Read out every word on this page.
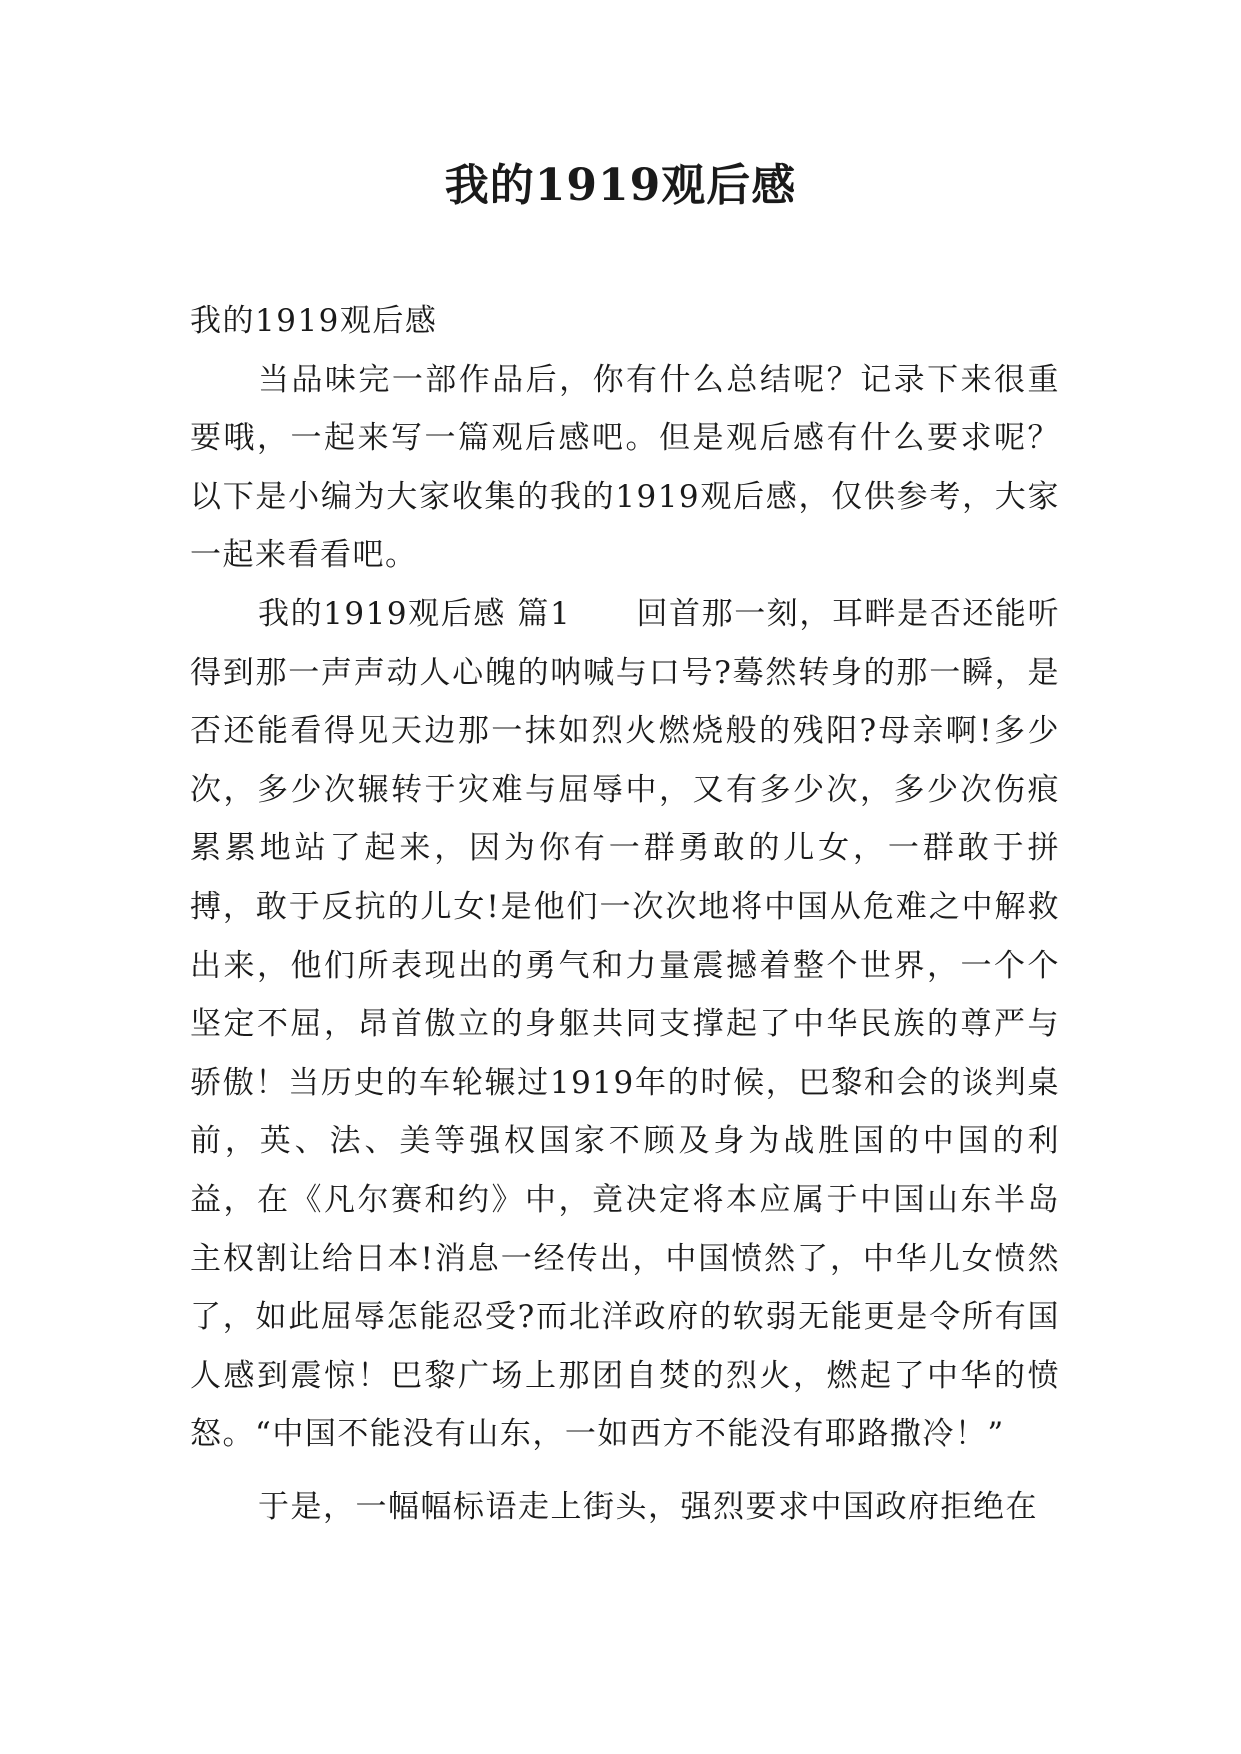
我的1919观后感

我的1919观后感

当品味完一部作品后，你有什么总结呢？记录下来很重要哦，一起来写一篇观后感吧。但是观后感有什么要求呢？以下是小编为大家收集的我的1919观后感，仅供参考，大家一起来看看吧。

我的1919观后感 篇1　　回首那一刻，耳畔是否还能听得到那一声声动人心魄的呐喊与口号?蓦然转身的那一瞬，是否还能看得见天边那一抹如烈火燃烧般的残阳?母亲啊!多少次，多少次辗转于灾难与屈辱中，又有多少次，多少次伤痕累累地站了起来，因为你有一群勇敢的儿女，一群敢于拼搏，敢于反抗的儿女!是他们一次次地将中国从危难之中解救出来，他们所表现出的勇气和力量震撼着整个世界，一个个坚定不屈，昂首傲立的身躯共同支撑起了中华民族的尊严与骄傲！当历史的车轮辗过1919年的时候，巴黎和会的谈判桌前，英、法、美等强权国家不顾及身为战胜国的中国的利益，在《凡尔赛和约》中，竟决定将本应属于中国山东半岛主权割让给日本!消息一经传出，中国愤然了，中华儿女愤然了，如此屈辱怎能忍受?而北洋政府的软弱无能更是令所有国人感到震惊！巴黎广场上那团自焚的烈火，燃起了中华的愤怒。“中国不能没有山东，一如西方不能没有耶路撒冷！”

于是，一幅幅标语走上街头，强烈要求中国政府拒绝在
